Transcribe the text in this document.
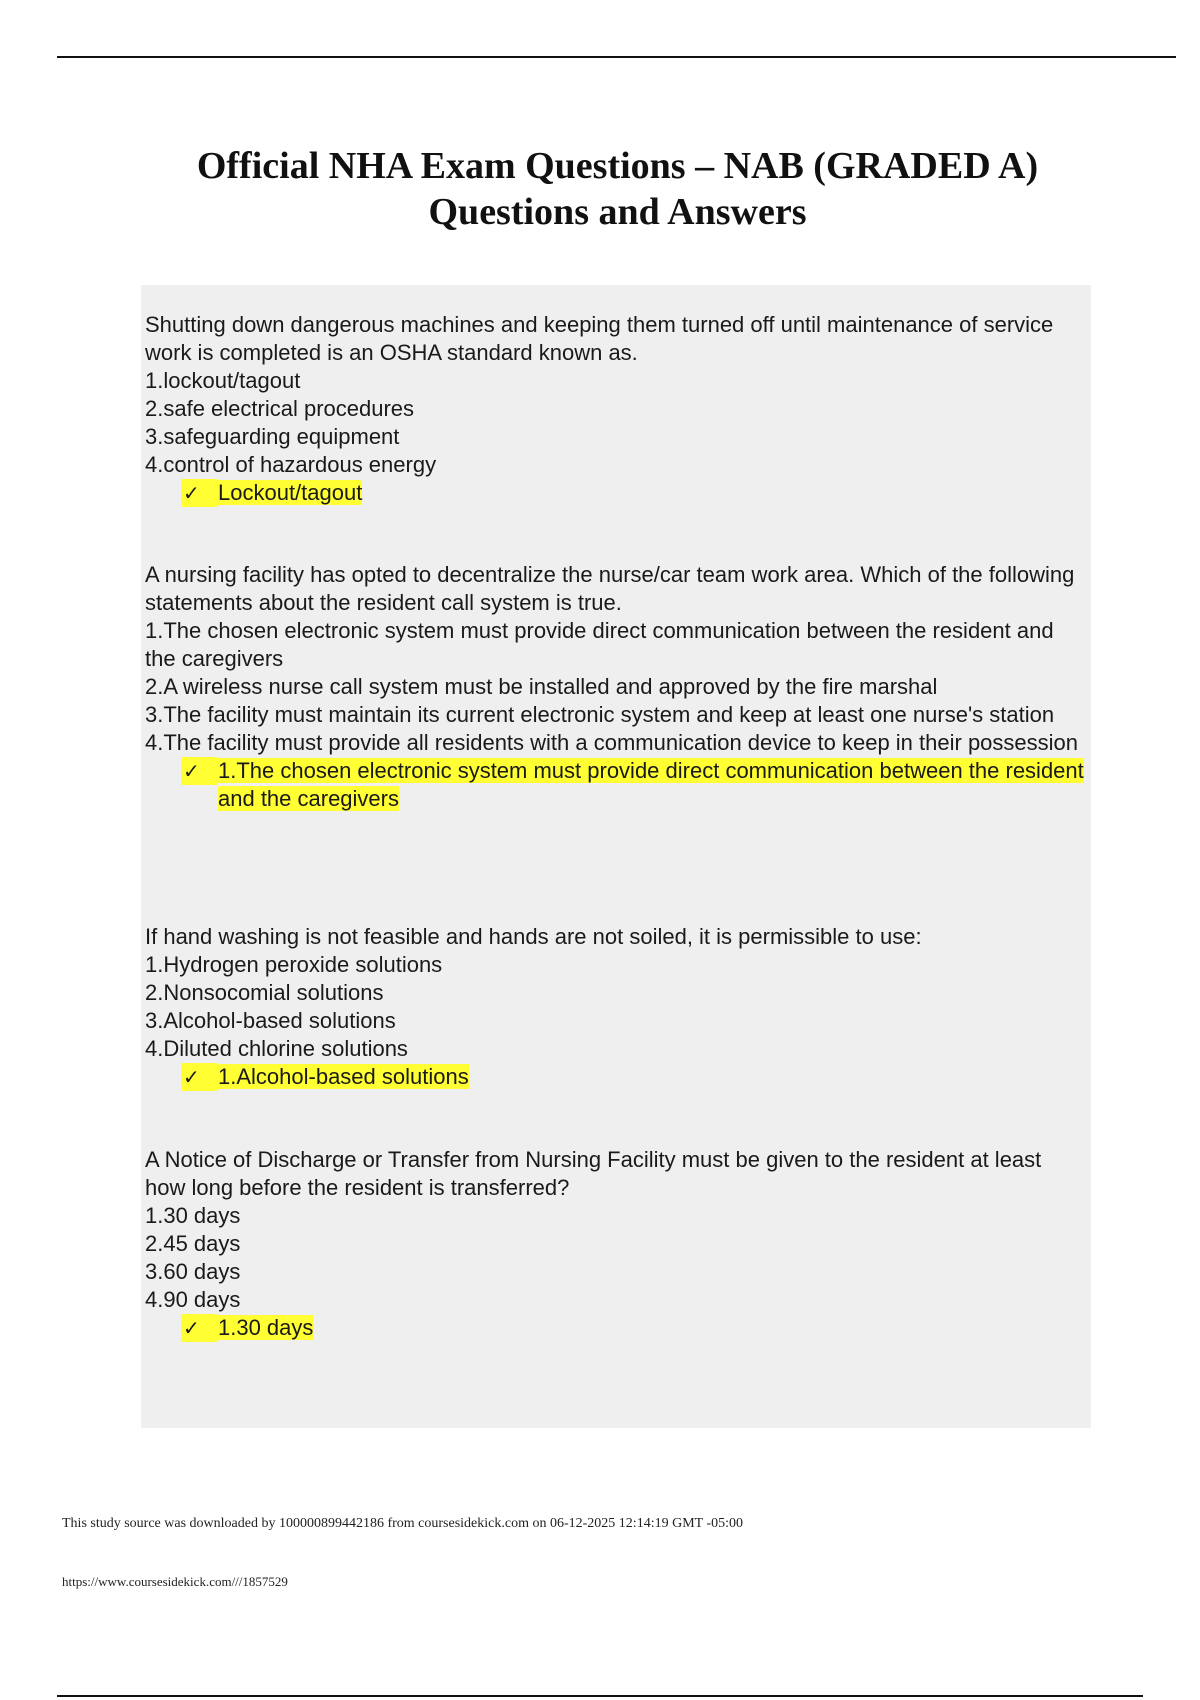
Official NHA Exam Questions – NAB (GRADED A)
Questions and Answers

Shutting down dangerous machines and keeping them turned off until maintenance of service work is completed is an OSHA standard known as.

1.lockout/tagout

2.safe electrical procedures

3.safeguarding equipment

4.control of hazardous energy

✓ Lockout/tagout

A nursing facility has opted to decentralize the nurse/car team work area. Which of the following statements about the resident call system is true.

1.The chosen electronic system must provide direct communication between the resident and the caregivers

2.A wireless nurse call system must be installed and approved by the fire marshal

3.The facility must maintain its current electronic system and keep at least one nurse's station

4.The facility must provide all residents with a communication device to keep in their possession

✓ 1.The chosen electronic system must provide direct communication between the resident and the caregivers

If hand washing is not feasible and hands are not soiled, it is permissible to use:

1.Hydrogen peroxide solutions

2.Nonsocomial solutions

3.Alcohol-based solutions

4.Diluted chlorine solutions

✓ 1.Alcohol-based solutions

A Notice of Discharge or Transfer from Nursing Facility must be given to the resident at least how long before the resident is transferred?

1.30 days

2.45 days

3.60 days

4.90 days

✓ 1.30 days
This study source was downloaded by 100000899442186 from coursesidekick.com on 06-12-2025 12:14:19 GMT -05:00
https://www.coursesidekick.com///1857529
